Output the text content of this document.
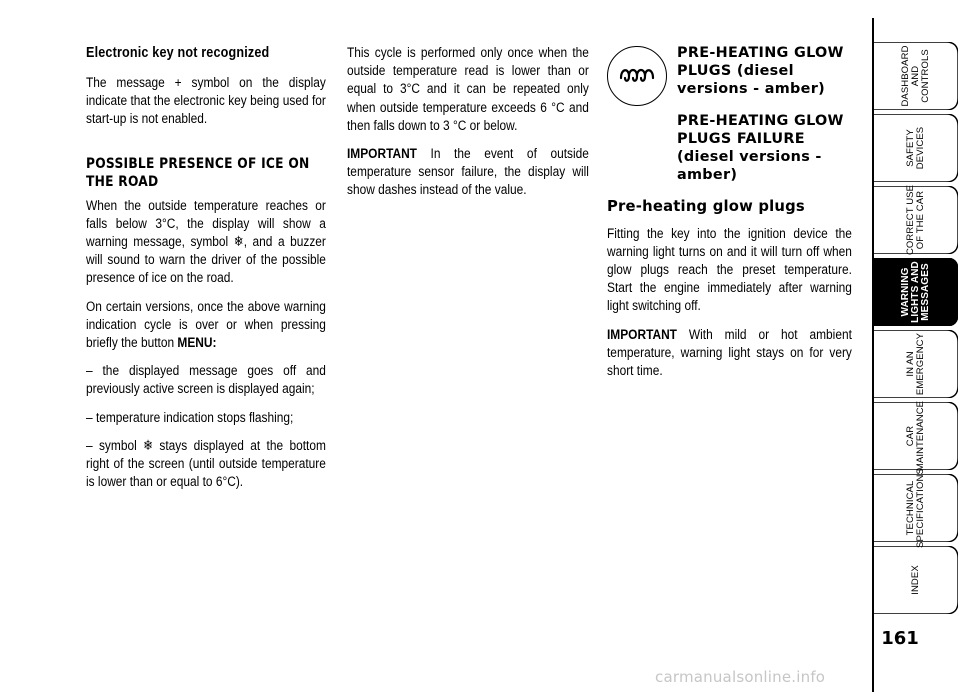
Electronic key not recognized

The message + symbol on the display indicate that the electronic key being used for start-up is not enabled.

POSSIBLE PRESENCE OF ICE ON THE ROAD

When the outside temperature reaches or falls below 3°C, the display will show a warning message, symbol ❄, and a buzzer will sound to warn the driver of the possible presence of ice on the road.

On certain versions, once the above warning indication cycle is over or when pressing briefly the button MENU:

– the displayed message goes off and previously active screen is displayed again;

– temperature indication stops flashing;

– symbol ❄ stays displayed at the bottom right of the screen (until outside temperature is lower than or equal to 6°C).

This cycle is performed only once when the outside temperature read is lower than or equal to 3°C and it can be repeated only when outside temperature exceeds 6 °C and then falls down to 3 °C or below.

IMPORTANT In the event of outside temperature sensor failure, the display will show dashes instead of the value.

PRE-HEATING GLOW PLUGS (diesel versions - amber)
PRE-HEATING GLOW PLUGS FAILURE (diesel versions - amber)
Pre-heating glow plugs

Fitting the key into the ignition device the warning light turns on and it will turn off when glow plugs reach the preset temperature. Start the engine immediately after warning light switching off.

IMPORTANT With mild or hot ambient temperature, warning light stays on for very short time.

DASHBOARD
AND
CONTROLS
SAFETY
DEVICES
CORRECT USE
OF THE CAR
WARNING
LIGHTS AND
MESSAGES
IN AN
EMERGENCY
CAR
MAINTENANCE
TECHNICAL
SPECIFICATIONS
INDEX
161
carmanualsonline.info
